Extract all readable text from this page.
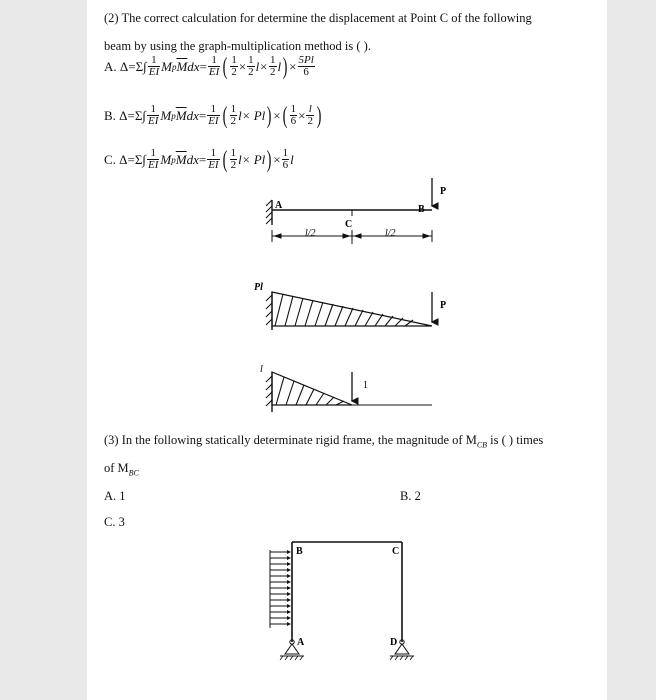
(2) The correct calculation for determine the displacement at Point C of the following
beam by using the graph-multiplication method is ( ).
A.
$\Delta=\Sigma\int \frac{1}{EI}$ M p $\overline{M}$ dx = $\frac{1}{EI}$ ( $\frac{1}{2} \times \frac{1}{2} l\times \frac{1}{2}$ l ) × $\frac{5Pl}{6}$
B.
$\Delta=\Sigma\int \frac{1}{EI}$ M p $\overline{M}$ dx = $\frac{1}{EI}$ ( $\frac{1}{2} l\times$
Pl ) × ( $\frac{1}{6} \times \frac{l}{2}$ )
C.
$\Delta=\Sigma\int \frac{1}{EI}$ M p $\overline{M}$ dx = $\frac{1}{EI}$ ( $\frac{1}{2} l\times$
Pl ) × $\frac{1}{6}$ l
A
C
B
P
l/2	l/2
Pl
P
l
1
(3) In the following statically determinate rigid frame, the magnitude of $M_{CB}$ is ( ) times
of $M_{BC}$
A. 1	B. 2
C. 3
B	C
A	D
